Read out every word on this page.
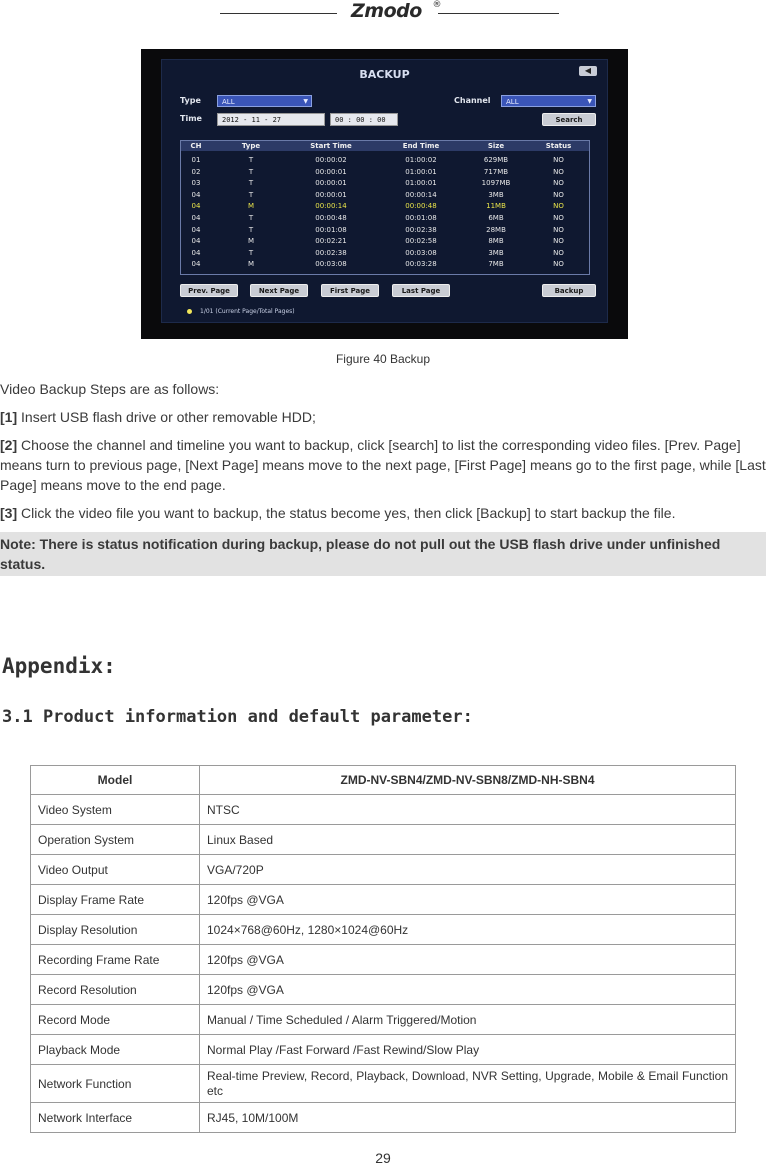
Zmodo ®
BACKUP	◀
Type	ALL	▼	Channel	ALL	▼
Time	2012 - 11 - 27	00 : 00 : 00	Search
CH	Type	Start Time	End Time	Size	Status
01	T	00:00:02	01:00:02	629MB	NO
02	T	00:00:01	01:00:01	717MB	NO
03	T	00:00:01	01:00:01	1097MB	NO
04	T	00:00:01	00:00:14	3MB	NO
04	M	00:00:14	00:00:48	11MB	NO
04	T	00:00:48	00:01:08	6MB	NO
04	T	00:01:08	00:02:38	28MB	NO
04	M	00:02:21	00:02:58	8MB	NO
04	T	00:02:38	00:03:08	3MB	NO
04	M	00:03:08	00:03:28	7MB	NO
Prev. Page	Next Page	First Page	Last Page	Backup
1/01 (Current Page/Total Pages)
Figure 40 Backup
Video Backup Steps are as follows:
[1] Insert USB flash drive or other removable HDD;
[2] Choose the channel and timeline you want to backup, click [search] to list the corresponding video files. [Prev. Page] means turn to previous page, [Next Page] means move to the next page, [First Page] means go to the first page, while [Last Page] means move to the end page.
[3] Click the video file you want to backup, the status become yes, then click [Backup] to start backup the file.
Note: There is status notification during backup, please do not pull out the USB flash drive under unfinished status.
Appendix:
3.1 Product information and default parameter:
Model	ZMD-NV-SBN4/ZMD-NV-SBN8/ZMD-NH-SBN4
Video System	NTSC
Operation System	Linux Based
Video Output	VGA/720P
Display Frame Rate	120fps @VGA
Display Resolution	1024×768@60Hz, 1280×1024@60Hz
Recording Frame Rate	120fps @VGA
Record Resolution	120fps @VGA
Record Mode	Manual / Time Scheduled / Alarm Triggered/Motion
Playback Mode	Normal Play /Fast Forward /Fast Rewind/Slow Play
Network Function	Real-time Preview, Record, Playback, Download, NVR Setting, Upgrade, Mobile & Email Function etc
Network Interface	RJ45, 10M/100M
29
